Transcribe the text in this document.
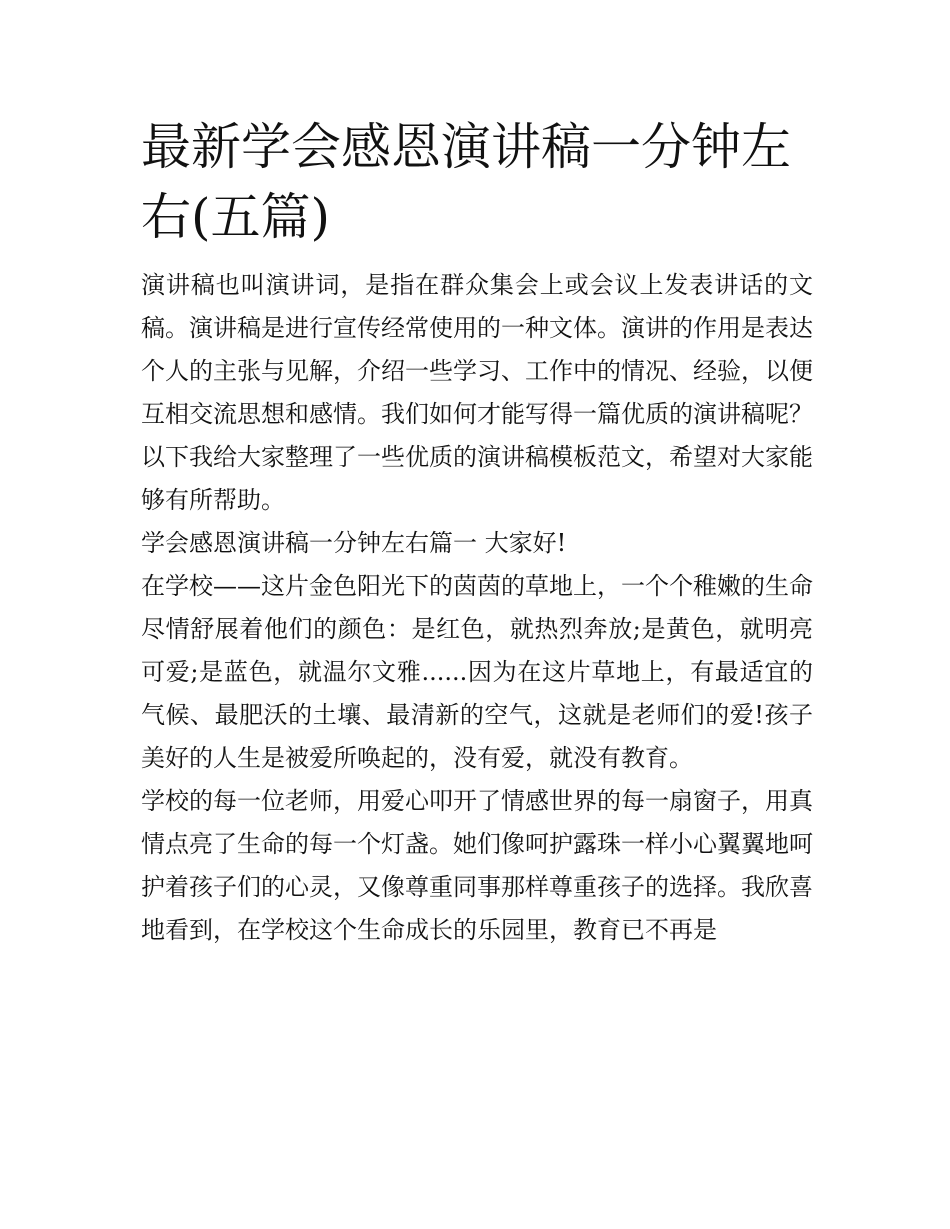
最新学会感恩演讲稿一分钟左右(五篇)

演讲稿也叫演讲词，是指在群众集会上或会议上发表讲话的文稿。演讲稿是进行宣传经常使用的一种文体。演讲的作用是表达个人的主张与见解，介绍一些学习、工作中的情况、经验，以便互相交流思想和感情。我们如何才能写得一篇优质的演讲稿呢？以下我给大家整理了一些优质的演讲稿模板范文，希望对大家能够有所帮助。

学会感恩演讲稿一分钟左右篇一 大家好!

在学校——这片金色阳光下的茵茵的草地上，一个个稚嫩的生命尽情舒展着他们的颜色：是红色，就热烈奔放;是黄色，就明亮可爱;是蓝色，就温尔文雅......因为在这片草地上，有最适宜的气候、最肥沃的土壤、最清新的空气，这就是老师们的爱!孩子美好的人生是被爱所唤起的，没有爱，就没有教育。

学校的每一位老师，用爱心叩开了情感世界的每一扇窗子，用真情点亮了生命的每一个灯盏。她们像呵护露珠一样小心翼翼地呵护着孩子们的心灵，又像尊重同事那样尊重孩子的选择。我欣喜地看到，在学校这个生命成长的乐园里，教育已不再是
